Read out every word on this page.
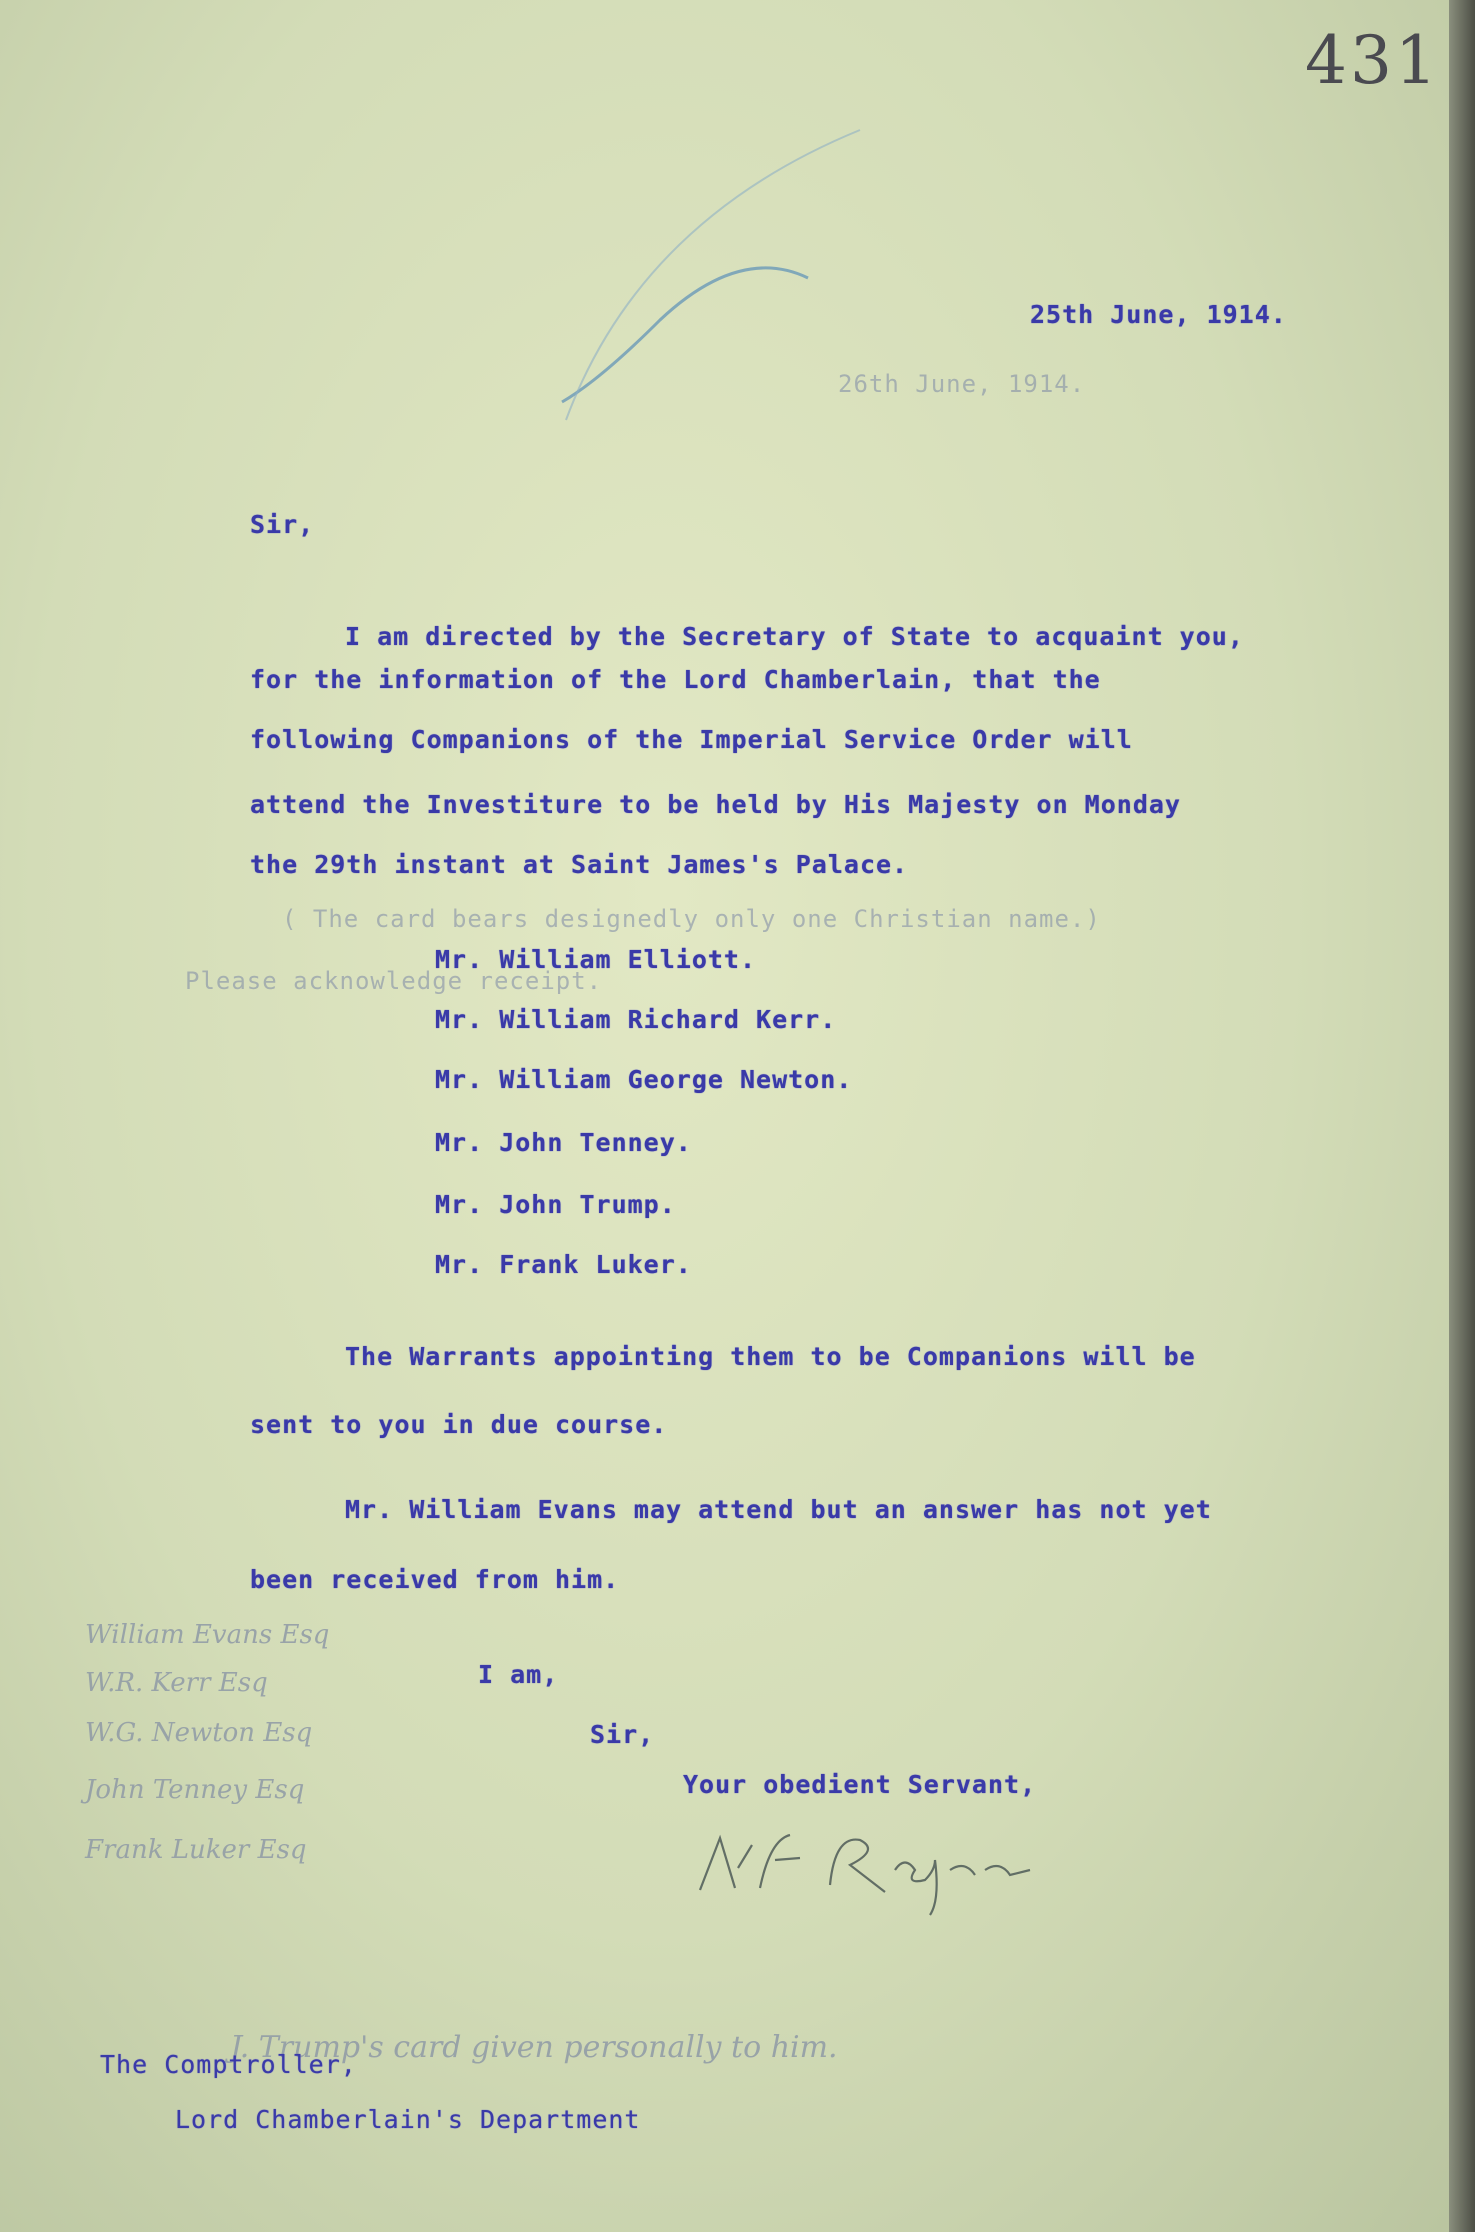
26th June, 1914.
( The card bears designedly only one Christian name.)
Please acknowledge receipt.
431
25th June, 1914.
Sir,
I am directed by the Secretary of State to acquaint you,
for the information of the Lord Chamberlain, that the
following Companions of the Imperial Service Order will
attend the Investiture to be held by His Majesty on Monday
the 29th instant at Saint James's Palace.
Mr. William Elliott.
Mr. William Richard Kerr.
Mr. William George Newton.
Mr. John Tenney.
Mr. John Trump.
Mr. Frank Luker.
The Warrants appointing them to be Companions will be
sent to you in due course.
Mr. William Evans may attend but an answer has not yet
been received from him.
I am,
Sir,
Your obedient Servant,
William Evans Esq
W.R. Kerr Esq
W.G. Newton Esq
John Tenney Esq
Frank Luker Esq
J. Trump's card given personally to him.
The Comptroller,
Lord Chamberlain's Department
